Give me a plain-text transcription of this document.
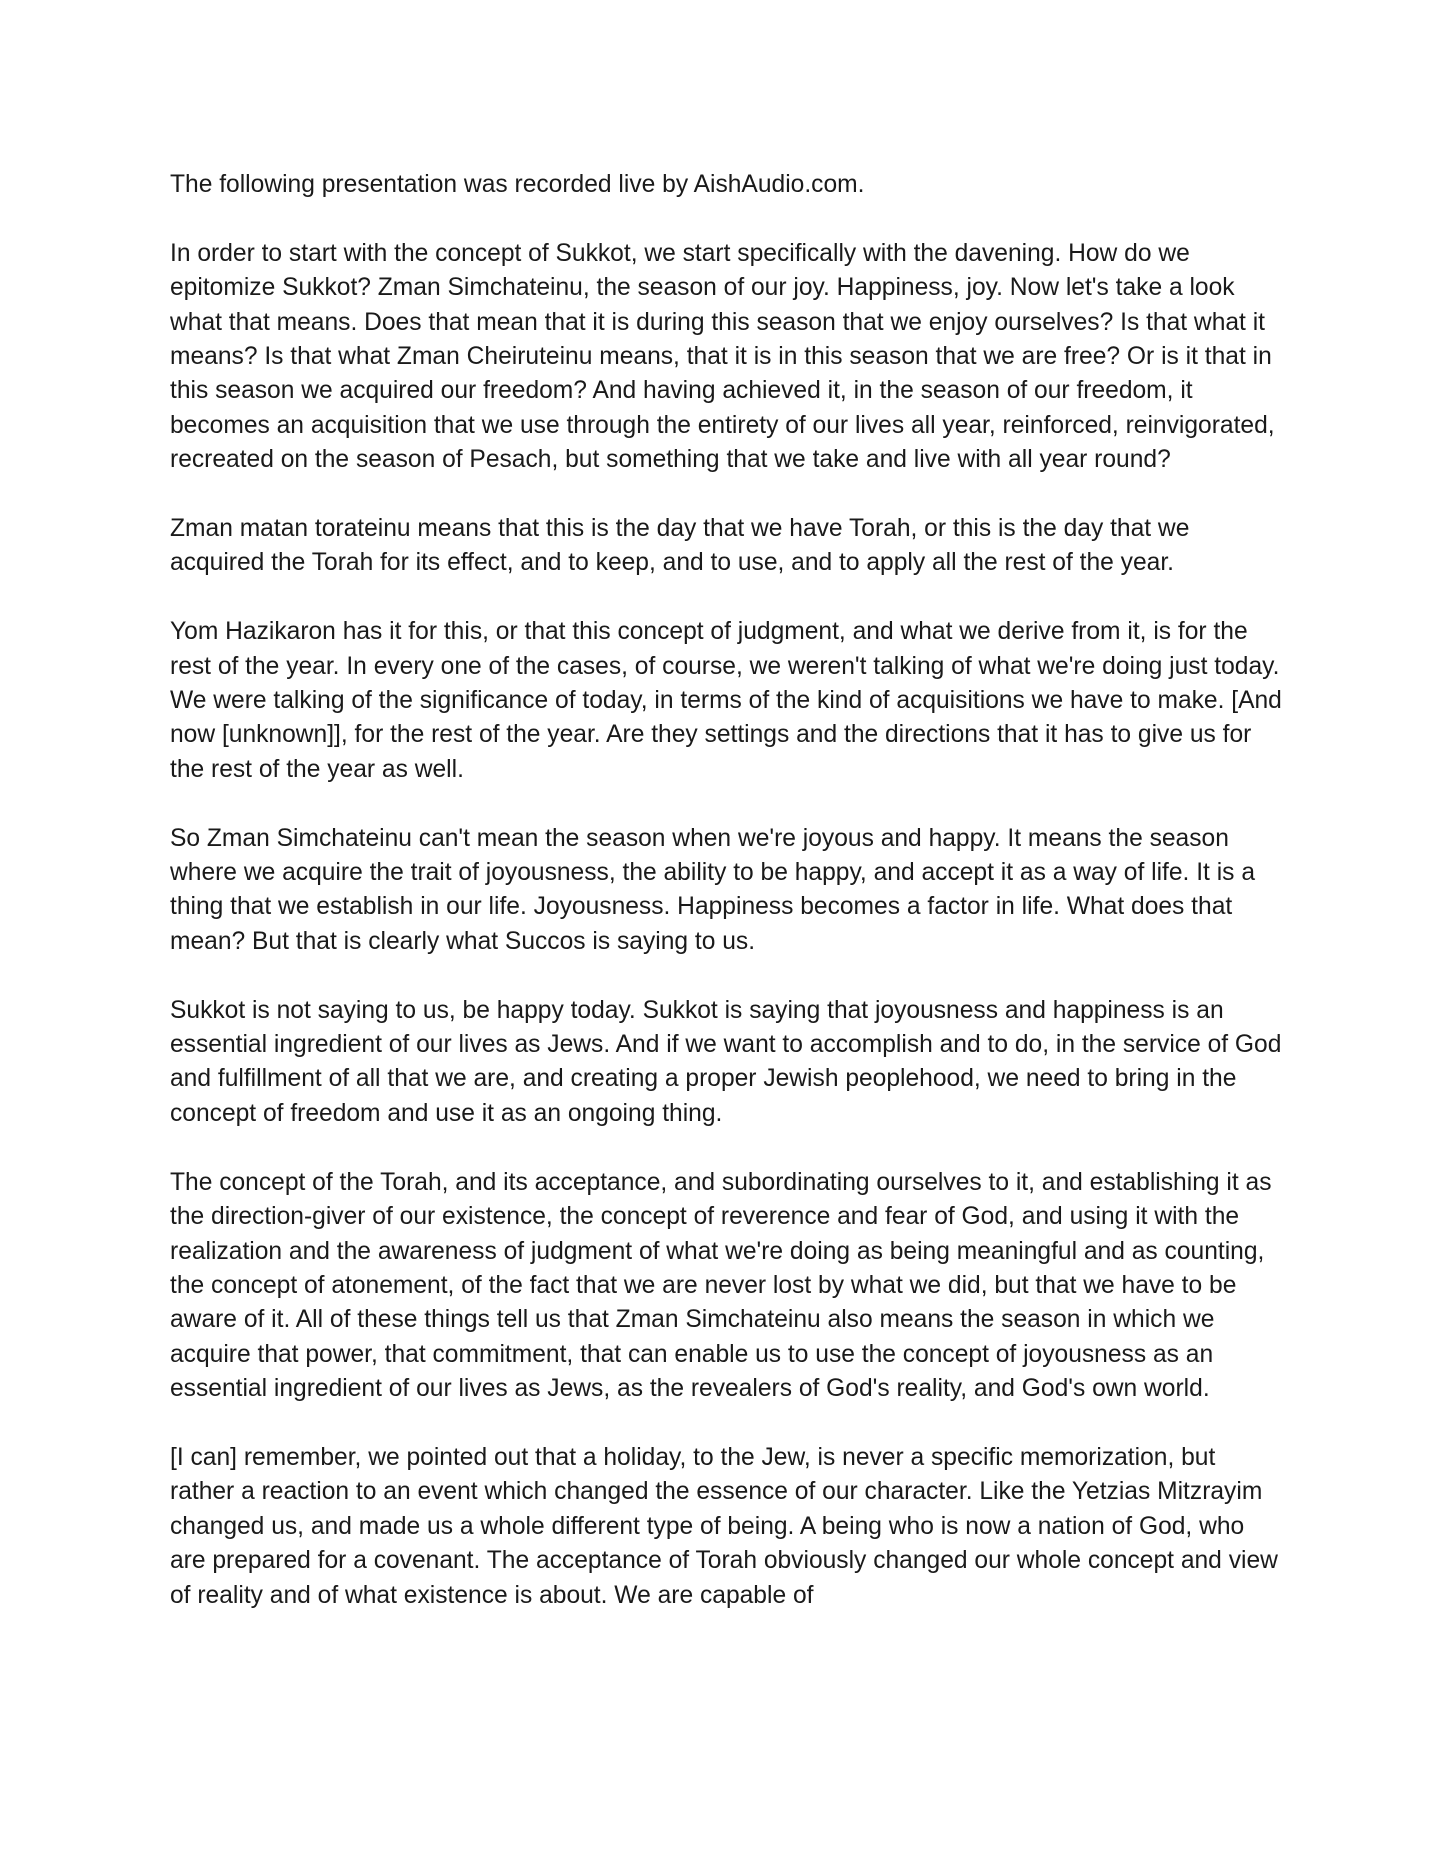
The following presentation was recorded live by AishAudio.com.

In order to start with the concept of Sukkot, we start specifically with the davening. How do we epitomize Sukkot? Zman Simchateinu, the season of our joy. Happiness, joy. Now let's take a look what that means. Does that mean that it is during this season that we enjoy ourselves? Is that what it means? Is that what Zman Cheiruteinu means, that it is in this season that we are free? Or is it that in this season we acquired our freedom? And having achieved it, in the season of our freedom, it becomes an acquisition that we use through the entirety of our lives all year, reinforced, reinvigorated, recreated on the season of Pesach, but something that we take and live with all year round?

Zman matan torateinu means that this is the day that we have Torah, or this is the day that we acquired the Torah for its effect, and to keep, and to use, and to apply all the rest of the year.

Yom Hazikaron has it for this, or that this concept of judgment, and what we derive from it, is for the rest of the year. In every one of the cases, of course, we weren't talking of what we're doing just today. We were talking of the significance of today, in terms of the kind of acquisitions we have to make. [And now [unknown]], for the rest of the year. Are they settings and the directions that it has to give us for the rest of the year as well.

So Zman Simchateinu can't mean the season when we're joyous and happy. It means the season where we acquire the trait of joyousness, the ability to be happy, and accept it as a way of life. It is a thing that we establish in our life. Joyousness. Happiness becomes a factor in life. What does that mean? But that is clearly what Succos is saying to us.

Sukkot is not saying to us, be happy today. Sukkot is saying that joyousness and happiness is an essential ingredient of our lives as Jews. And if we want to accomplish and to do, in the service of God and fulfillment of all that we are, and creating a proper Jewish peoplehood, we need to bring in the concept of freedom and use it as an ongoing thing.

The concept of the Torah, and its acceptance, and subordinating ourselves to it, and establishing it as the direction-giver of our existence, the concept of reverence and fear of God, and using it with the realization and the awareness of judgment of what we're doing as being meaningful and as counting, the concept of atonement, of the fact that we are never lost by what we did, but that we have to be aware of it. All of these things tell us that Zman Simchateinu also means the season in which we acquire that power, that commitment, that can enable us to use the concept of joyousness as an essential ingredient of our lives as Jews, as the revealers of God's reality, and God's own world.

[I can] remember, we pointed out that a holiday, to the Jew, is never a specific memorization, but rather a reaction to an event which changed the essence of our character. Like the Yetzias Mitzrayim changed us, and made us a whole different type of being. A being who is now a nation of God, who are prepared for a covenant. The acceptance of Torah obviously changed our whole concept and view of reality and of what existence is about. We are capable of
